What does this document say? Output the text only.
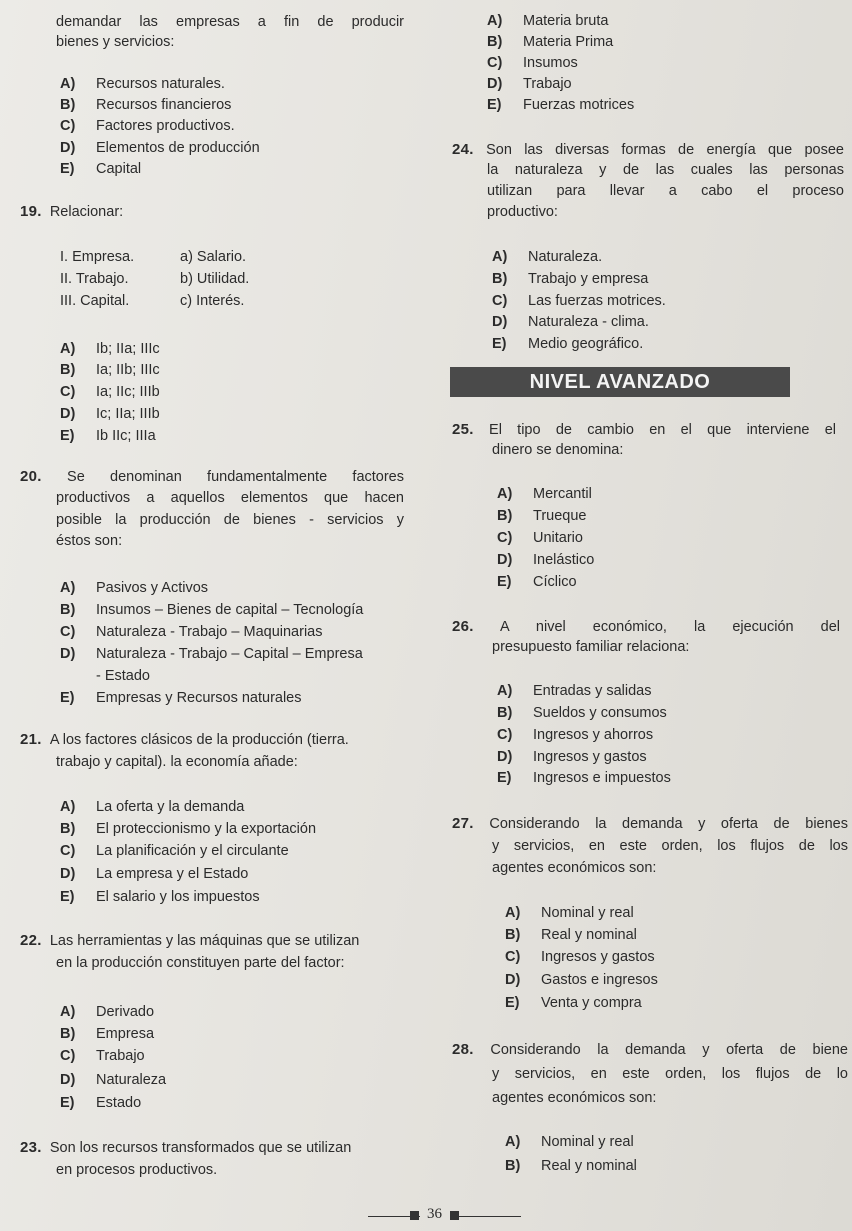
demandar las empresas a fin de producir
bienes y servicios:
A) Recursos naturales.
B) Recursos financieros
C) Factores productivos.
D) Elementos de producción
E) Capital
19. Relacionar:
I. Empresa.	a) Salario.
II. Trabajo.	b) Utilidad.
III. Capital.	c) Interés.
A) Ib; IIa; IIIc
B) Ia; IIb; IIIc
C) Ia; IIc; IIIb
D) Ic; IIa; IIIb
E) Ib IIc; IIIa
20. Se denominan fundamentalmente factores
productivos a aquellos elementos que hacen
posible la producción de bienes - servicios y
éstos son:
A) Pasivos y Activos
B) Insumos – Bienes de capital – Tecnología
C) Naturaleza - Trabajo – Maquinarias
D) Naturaleza - Trabajo – Capital – Empresa
- Estado
E) Empresas y Recursos naturales
21. A los factores clásicos de la producción (tierra.
trabajo y capital). la economía añade:
A) La oferta y la demanda
B) El proteccionismo y la exportación
C) La planificación y el circulante
D) La empresa y el Estado
E) El salario y los impuestos
22. Las herramientas y las máquinas que se utilizan
en la producción constituyen parte del factor:
A) Derivado
B) Empresa
C) Trabajo
D) Naturaleza
E) Estado
23. Son los recursos transformados que se utilizan
en procesos productivos.
A) Materia bruta
B) Materia Prima
C) Insumos
D) Trabajo
E) Fuerzas motrices
24. Son las diversas formas de energía que posee
la naturaleza y de las cuales las personas
utilizan para llevar a cabo el proceso
productivo:
A) Naturaleza.
B) Trabajo y empresa
C) Las fuerzas motrices.
D) Naturaleza - clima.
E) Medio geográfico.
NIVEL AVANZADO
25. El tipo de cambio en el que interviene el
dinero se denomina:
A) Mercantil
B) Trueque
C) Unitario
D) Inelástico
E) Cíclico
26. A nivel económico, la ejecución del
presupuesto familiar relaciona:
A) Entradas y salidas
B) Sueldos y consumos
C) Ingresos y ahorros
D) Ingresos y gastos
E) Ingresos e impuestos
27. Considerando la demanda y oferta de bienes
y servicios, en este orden, los flujos de los
agentes económicos son:
A) Nominal y real
B) Real y nominal
C) Ingresos y gastos
D) Gastos e ingresos
E) Venta y compra
28. Considerando la demanda y oferta de biene
y servicios, en este orden, los flujos de lo
agentes económicos son:
A) Nominal y real
B) Real y nominal
36
